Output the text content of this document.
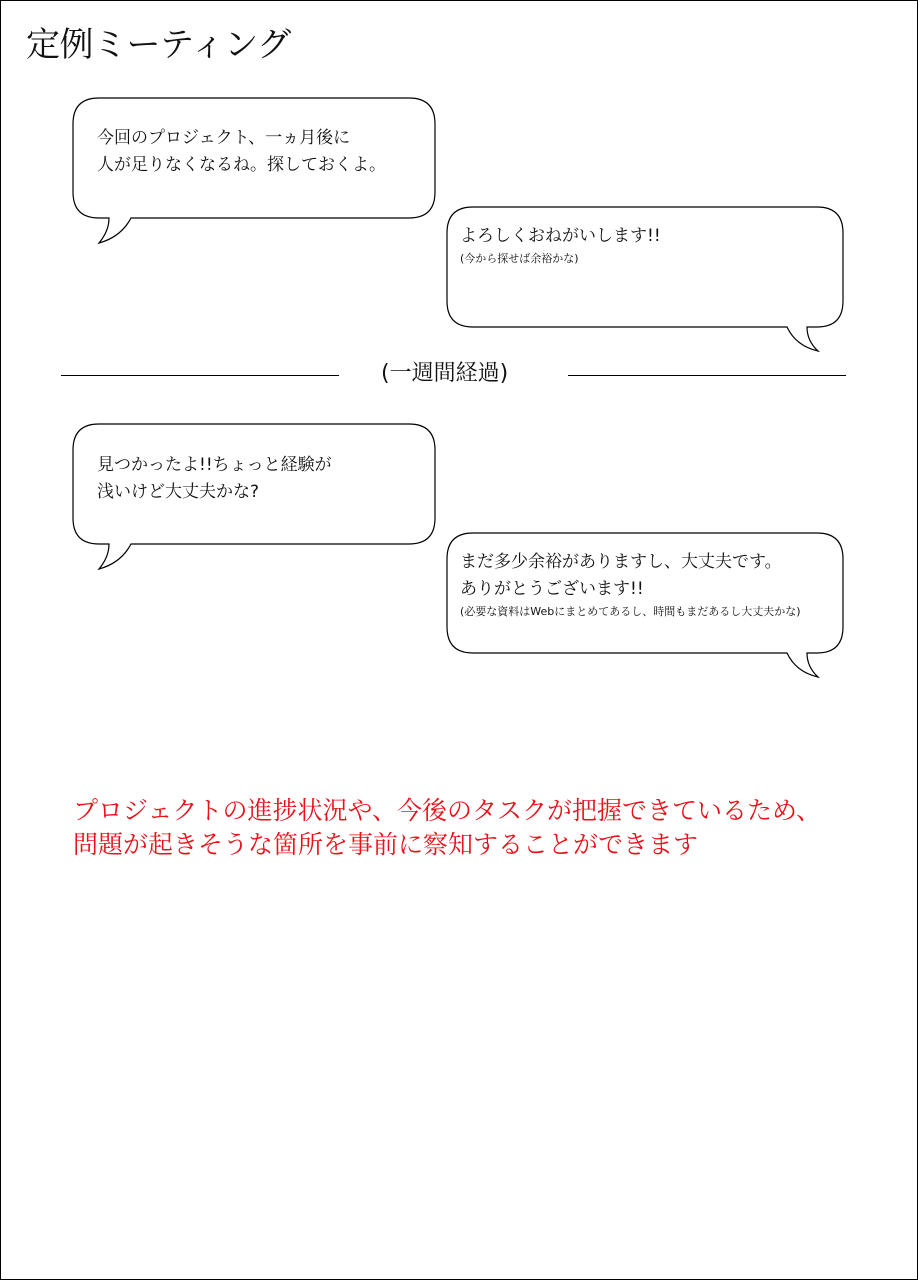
定例ミーティング
今回のプロジェクト、一ヵ月後に
人が足りなくなるね。探しておくよ。
よろしくおねがいします!!
(今から探せば余裕かな)
(一週間経過)
見つかったよ!!ちょっと経験が
浅いけど大丈夫かな?
まだ多少余裕がありますし、大丈夫です。
ありがとうございます!!
(必要な資料はWebにまとめてあるし、時間もまだあるし大丈夫かな)
プロジェクトの進捗状況や、今後のタスクが把握できているため、
問題が起きそうな箇所を事前に察知することができます
